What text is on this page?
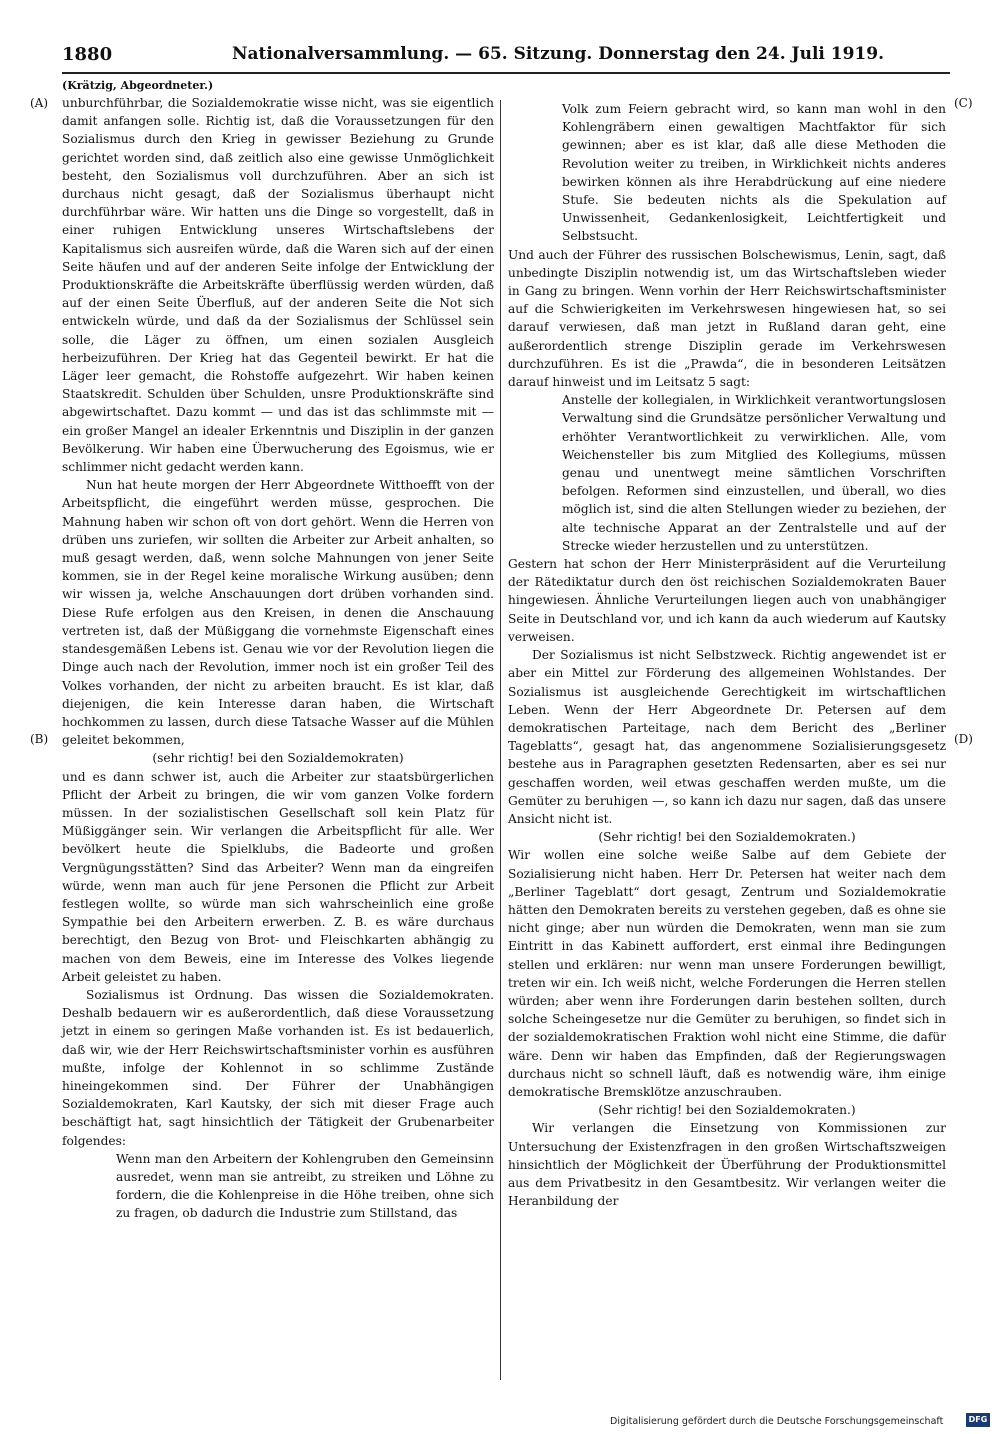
1880	Nationalversammlung. — 65. Sitzung. Donnerstag den 24. Juli 1919.
(A)
(B)
(C)
(D)

(Krätzig, Abgeordneter.)

unburchführbar, die Sozialdemokratie wisse nicht, was sie eigentlich damit anfangen solle. Richtig ist, daß die Voraussetzungen für den Sozialismus durch den Krieg in gewisser Beziehung zu Grunde gerichtet worden sind, daß zeitlich also eine gewisse Unmöglichkeit besteht, den Sozialismus voll durchzuführen. Aber an sich ist durchaus nicht gesagt, daß der Sozialismus überhaupt nicht durchführbar wäre. Wir hatten uns die Dinge so vorgestellt, daß in einer ruhigen Entwicklung unseres Wirtschaftslebens der Kapitalismus sich ausreifen würde, daß die Waren sich auf der einen Seite häufen und auf der anderen Seite infolge der Entwicklung der Produktionskräfte die Arbeitskräfte überflüssig werden würden, daß auf der einen Seite Überfluß, auf der anderen Seite die Not sich entwickeln würde, und daß da der Sozialismus der Schlüssel sein solle, die Läger zu öffnen, um einen sozialen Ausgleich herbeizuführen. Der Krieg hat das Gegenteil bewirkt. Er hat die Läger leer gemacht, die Rohstoffe aufgezehrt. Wir haben keinen Staatskredit. Schulden über Schulden, unsre Produktionskräfte sind abgewirtschaftet. Dazu kommt — und das ist das schlimmste mit — ein großer Mangel an idealer Erkenntnis und Disziplin in der ganzen Bevölkerung. Wir haben eine Überwucherung des Egoismus, wie er schlimmer nicht gedacht werden kann.

Nun hat heute morgen der Herr Abgeordnete Witthoefft von der Arbeitspflicht, die eingeführt werden müsse, gesprochen. Die Mahnung haben wir schon oft von dort gehört. Wenn die Herren von drüben uns zuriefen, wir sollten die Arbeiter zur Arbeit anhalten, so muß gesagt werden, daß, wenn solche Mahnungen von jener Seite kommen, sie in der Regel keine moralische Wirkung ausüben; denn wir wissen ja, welche Anschauungen dort drüben vorhanden sind. Diese Rufe erfolgen aus den Kreisen, in denen die Anschauung vertreten ist, daß der Müßiggang die vornehmste Eigenschaft eines standesgemäßen Lebens ist. Genau wie vor der Revolution liegen die Dinge auch nach der Revolution, immer noch ist ein großer Teil des Volkes vorhanden, der nicht zu arbeiten braucht. Es ist klar, daß diejenigen, die kein Interesse daran haben, die Wirtschaft hochkommen zu lassen, durch diese Tatsache Wasser auf die Mühlen geleitet bekommen,

(sehr richtig! bei den Sozialdemokraten)

und es dann schwer ist, auch die Arbeiter zur staatsbürgerlichen Pflicht der Arbeit zu bringen, die wir vom ganzen Volke fordern müssen. In der sozialistischen Gesellschaft soll kein Platz für Müßiggänger sein. Wir verlangen die Arbeitspflicht für alle. Wer bevölkert heute die Spielklubs, die Badeorte und großen Vergnügungsstätten? Sind das Arbeiter? Wenn man da eingreifen würde, wenn man auch für jene Personen die Pflicht zur Arbeit festlegen wollte, so würde man sich wahrscheinlich eine große Sympathie bei den Arbeitern erwerben. Z. B. es wäre durchaus berechtigt, den Bezug von Brot- und Fleischkarten abhängig zu machen von dem Beweis, eine im Interesse des Volkes liegende Arbeit geleistet zu haben.

Sozialismus ist Ordnung. Das wissen die Sozialdemokraten. Deshalb bedauern wir es außerordentlich, daß diese Voraussetzung jetzt in einem so geringen Maße vorhanden ist. Es ist bedauerlich, daß wir, wie der Herr Reichswirtschaftsminister vorhin es ausführen mußte, infolge der Kohlennot in so schlimme Zustände hineingekommen sind. Der Führer der Unabhängigen Sozialdemokraten, Karl Kautsky, der sich mit dieser Frage auch beschäftigt hat, sagt hinsichtlich der Tätigkeit der Grubenarbeiter folgendes:

Wenn man den Arbeitern der Kohlengruben den Gemeinsinn ausredet, wenn man sie antreibt, zu streiken und Löhne zu fordern, die die Kohlenpreise in die Höhe treiben, ohne sich zu fragen, ob dadurch die Industrie zum Stillstand, das

Volk zum Feiern gebracht wird, so kann man wohl in den Kohlengräbern einen gewaltigen Machtfaktor für sich gewinnen; aber es ist klar, daß alle diese Methoden die Revolution weiter zu treiben, in Wirklichkeit nichts anderes bewirken können als ihre Herabdrückung auf eine niedere Stufe. Sie bedeuten nichts als die Spekulation auf Unwissenheit, Gedankenlosigkeit, Leichtfertigkeit und Selbstsucht.

Und auch der Führer des russischen Bolschewismus, Lenin, sagt, daß unbedingte Disziplin notwendig ist, um das Wirtschaftsleben wieder in Gang zu bringen. Wenn vorhin der Herr Reichswirtschaftsminister auf die Schwierigkeiten im Verkehrswesen hingewiesen hat, so sei darauf verwiesen, daß man jetzt in Rußland daran geht, eine außerordentlich strenge Disziplin gerade im Verkehrswesen durchzuführen. Es ist die „Prawda“, die in besonderen Leitsätzen darauf hinweist und im Leitsatz 5 sagt:

Anstelle der kollegialen, in Wirklichkeit verantwortungslosen Verwaltung sind die Grundsätze persönlicher Verwaltung und erhöhter Verantwortlichkeit zu verwirklichen. Alle, vom Weichensteller bis zum Mitglied des Kollegiums, müssen genau und unentwegt meine sämtlichen Vorschriften befolgen. Reformen sind einzustellen, und überall, wo dies möglich ist, sind die alten Stellungen wieder zu beziehen, der alte technische Apparat an der Zentralstelle und auf der Strecke wieder herzustellen und zu unterstützen.

Gestern hat schon der Herr Ministerpräsident auf die Verurteilung der Rätediktatur durch den öst reichischen Sozialdemokraten Bauer hingewiesen. Ähnliche Verurteilungen liegen auch von unabhängiger Seite in Deutschland vor, und ich kann da auch wiederum auf Kautsky verweisen.

Der Sozialismus ist nicht Selbstzweck. Richtig angewendet ist er aber ein Mittel zur Förderung des allgemeinen Wohlstandes. Der Sozialismus ist ausgleichende Gerechtigkeit im wirtschaftlichen Leben. Wenn der Herr Abgeordnete Dr. Petersen auf dem demokratischen Parteitage, nach dem Bericht des „Berliner Tageblatts“, gesagt hat, das angenommene Sozialisierungsgesetz bestehe aus in Paragraphen gesetzten Redensarten, aber es sei nur geschaffen worden, weil etwas geschaffen werden mußte, um die Gemüter zu beruhigen —, so kann ich dazu nur sagen, daß das unsere Ansicht nicht ist.

(Sehr richtig! bei den Sozialdemokraten.)

Wir wollen eine solche weiße Salbe auf dem Gebiete der Sozialisierung nicht haben. Herr Dr. Petersen hat weiter nach dem „Berliner Tageblatt“ dort gesagt, Zentrum und Sozialdemokratie hätten den Demokraten bereits zu verstehen gegeben, daß es ohne sie nicht ginge; aber nun würden die Demokraten, wenn man sie zum Eintritt in das Kabinett auffordert, erst einmal ihre Bedingungen stellen und erklären: nur wenn man unsere Forderungen bewilligt, treten wir ein. Ich weiß nicht, welche Forderungen die Herren stellen würden; aber wenn ihre Forderungen darin bestehen sollten, durch solche Scheingesetze nur die Gemüter zu beruhigen, so findet sich in der sozialdemokratischen Fraktion wohl nicht eine Stimme, die dafür wäre. Denn wir haben das Empfinden, daß der Regierungswagen durchaus nicht so schnell läuft, daß es notwendig wäre, ihm einige demokratische Bremsklötze anzuschrauben.

(Sehr richtig! bei den Sozialdemokraten.)

Wir verlangen die Einsetzung von Kommissionen zur Untersuchung der Existenzfragen in den großen Wirtschaftszweigen hinsichtlich der Möglichkeit der Überführung der Produktionsmittel aus dem Privatbesitz in den Gesamtbesitz. Wir verlangen weiter die Heranbildung der

Digitalisierung gefördert durch die Deutsche Forschungsgemeinschaft	DFG
